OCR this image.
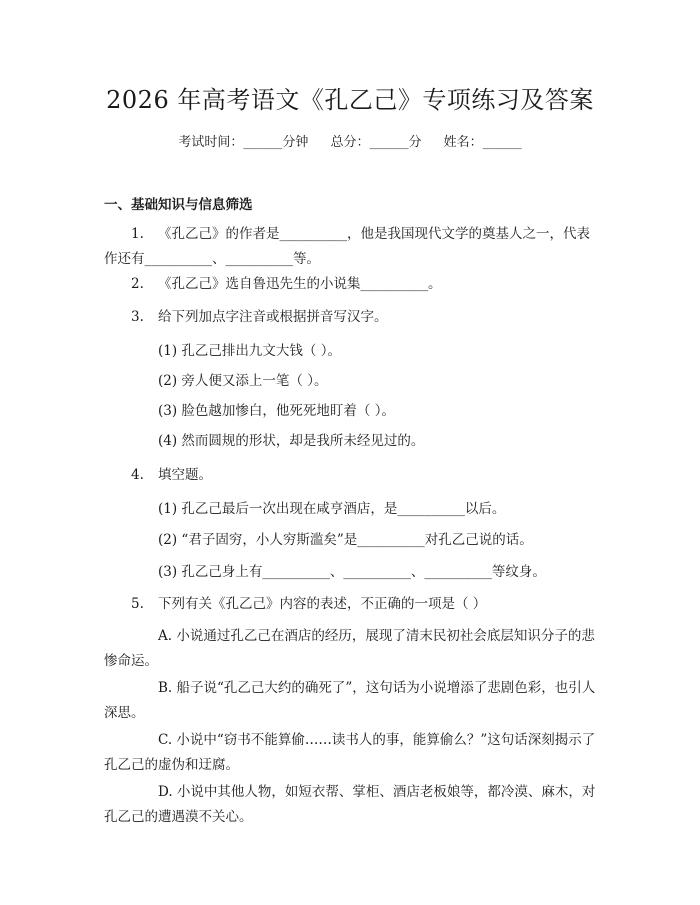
2026 年高考语文《孔乙己》专项练习及答案
考试时间：______分钟 总分：______分 姓名：______
一、基础知识与信息筛选
1. 《孔乙己》的作者是__________，他是我国现代文学的奠基人之一，代表作还有__________、__________等。
2. 《孔乙己》选自鲁迅先生的小说集__________。
3. 给下列加点字注音或根据拼音写汉字。
(1) 孔乙己排出九文大钱（ ）。
(2) 旁人便又添上一笔（ ）。
(3) 脸色越加惨白，他死死地盯着（ ）。
(4) 然而圆规的形状，却是我所未经见过的。
4. 填空题。
(1) 孔乙己最后一次出现在咸亨酒店，是__________以后。
(2) “君子固穷，小人穷斯滥矣”是__________对孔乙己说的话。
(3) 孔乙己身上有__________、__________、__________等纹身。
5. 下列有关《孔乙己》内容的表述，不正确的一项是（ ）
A. 小说通过孔乙己在酒店的经历，展现了清末民初社会底层知识分子的悲惨命运。
B. 船子说“孔乙己大约的确死了”，这句话为小说增添了悲剧色彩，也引人深思。
C. 小说中“窃书不能算偷……读书人的事，能算偷么？”这句话深刻揭示了孔乙己的虚伪和迂腐。
D. 小说中其他人物，如短衣帮、掌柜、酒店老板娘等，都冷漠、麻木，对孔乙己的遭遇漠不关心。
